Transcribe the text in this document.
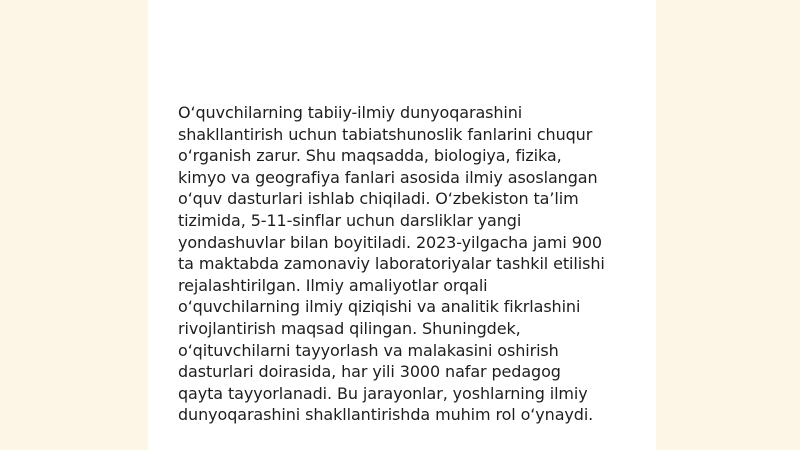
O‘quvchilarning tabiiy-ilmiy dunyoqarashini
shakllantirish uchun tabiatshunoslik fanlarini chuqur
o‘rganish zarur. Shu maqsadda, biologiya, fizika,
kimyo va geografiya fanlari asosida ilmiy asoslangan
o‘quv dasturlari ishlab chiqiladi. O‘zbekiston ta’lim
tizimida, 5-11-sinflar uchun darsliklar yangi
yondashuvlar bilan boyitiladi. 2023-yilgacha jami 900
ta maktabda zamonaviy laboratoriyalar tashkil etilishi
rejalashtirilgan. Ilmiy amaliyotlar orqali
o‘quvchilarning ilmiy qiziqishi va analitik fikrlashini
rivojlantirish maqsad qilingan. Shuningdek,
o‘qituvchilarni tayyorlash va malakasini oshirish
dasturlari doirasida, har yili 3000 nafar pedagog
qayta tayyorlanadi. Bu jarayonlar, yoshlarning ilmiy
dunyoqarashini shakllantirishda muhim rol o‘ynaydi.
